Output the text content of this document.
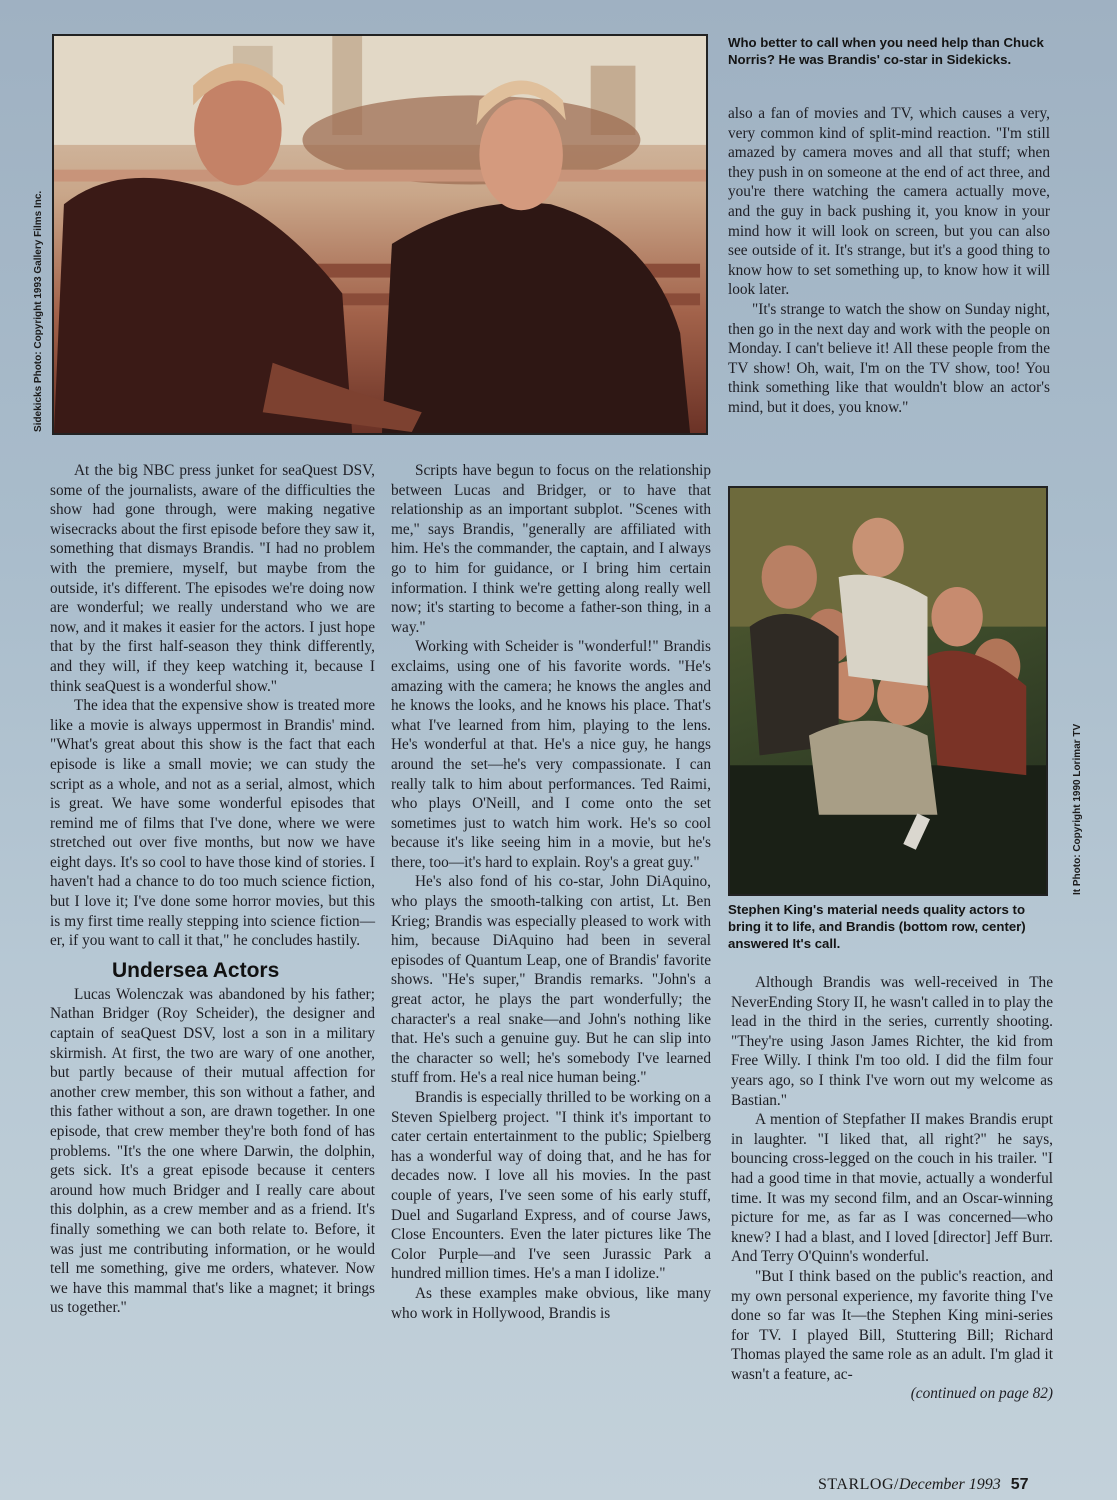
Sidekicks Photo: Copyright 1993 Gallery Films Inc.
Who better to call when you need help than Chuck Norris? He was Brandis' co-star in Sidekicks.

also a fan of movies and TV, which causes a very, very common kind of split-mind reaction. "I'm still amazed by camera moves and all that stuff; when they push in on someone at the end of act three, and you're there watching the camera actually move, and the guy in back pushing it, you know in your mind how it will look on screen, but you can also see outside of it. It's strange, but it's a good thing to know how to set something up, to know how it will look later.

"It's strange to watch the show on Sunday night, then go in the next day and work with the people on Monday. I can't believe it! All these people from the TV show! Oh, wait, I'm on the TV show, too! You think something like that wouldn't blow an actor's mind, but it does, you know."

It Photo: Copyright 1990 Lorimar TV
Stephen King's material needs quality actors to bring it to life, and Brandis (bottom row, center) answered It's call.

At the big NBC press junket for seaQuest DSV, some of the journalists, aware of the difficulties the show had gone through, were making negative wisecracks about the first episode before they saw it, something that dismays Brandis. "I had no problem with the premiere, myself, but maybe from the outside, it's different. The episodes we're doing now are wonderful; we really understand who we are now, and it makes it easier for the actors. I just hope that by the first half-season they think differently, and they will, if they keep watching it, because I think seaQuest is a wonderful show."

The idea that the expensive show is treated more like a movie is always uppermost in Brandis' mind. "What's great about this show is the fact that each episode is like a small movie; we can study the script as a whole, and not as a serial, almost, which is great. We have some wonderful episodes that remind me of films that I've done, where we were stretched out over five months, but now we have eight days. It's so cool to have those kind of stories. I haven't had a chance to do too much science fiction, but I love it; I've done some horror movies, but this is my first time really stepping into science fiction—er, if you want to call it that," he concludes hastily.

Undersea Actors

Lucas Wolenczak was abandoned by his father; Nathan Bridger (Roy Scheider), the designer and captain of seaQuest DSV, lost a son in a military skirmish. At first, the two are wary of one another, but partly because of their mutual affection for another crew member, this son without a father, and this father without a son, are drawn together. In one episode, that crew member they're both fond of has problems. "It's the one where Darwin, the dolphin, gets sick. It's a great episode because it centers around how much Bridger and I really care about this dolphin, as a crew member and as a friend. It's finally something we can both relate to. Before, it was just me contributing information, or he would tell me something, give me orders, whatever. Now we have this mammal that's like a magnet; it brings us together."

Scripts have begun to focus on the relationship between Lucas and Bridger, or to have that relationship as an important subplot. "Scenes with me," says Brandis, "generally are affiliated with him. He's the commander, the captain, and I always go to him for guidance, or I bring him certain information. I think we're getting along really well now; it's starting to become a father-son thing, in a way."

Working with Scheider is "wonderful!" Brandis exclaims, using one of his favorite words. "He's amazing with the camera; he knows the angles and he knows the looks, and he knows his place. That's what I've learned from him, playing to the lens. He's wonderful at that. He's a nice guy, he hangs around the set—he's very compassionate. I can really talk to him about performances. Ted Raimi, who plays O'Neill, and I come onto the set sometimes just to watch him work. He's so cool because it's like seeing him in a movie, but he's there, too—it's hard to explain. Roy's a great guy."

He's also fond of his co-star, John DiAquino, who plays the smooth-talking con artist, Lt. Ben Krieg; Brandis was especially pleased to work with him, because DiAquino had been in several episodes of Quantum Leap, one of Brandis' favorite shows. "He's super," Brandis remarks. "John's a great actor, he plays the part wonderfully; the character's a real snake—and John's nothing like that. He's such a genuine guy. But he can slip into the character so well; he's somebody I've learned stuff from. He's a real nice human being."

Brandis is especially thrilled to be working on a Steven Spielberg project. "I think it's important to cater certain entertainment to the public; Spielberg has a wonderful way of doing that, and he has for decades now. I love all his movies. In the past couple of years, I've seen some of his early stuff, Duel and Sugarland Express, and of course Jaws, Close Encounters. Even the later pictures like The Color Purple—and I've seen Jurassic Park a hundred million times. He's a man I idolize."

As these examples make obvious, like many who work in Hollywood, Brandis is

Although Brandis was well-received in The NeverEnding Story II, he wasn't called in to play the lead in the third in the series, currently shooting. "They're using Jason James Richter, the kid from Free Willy. I think I'm too old. I did the film four years ago, so I think I've worn out my welcome as Bastian."

A mention of Stepfather II makes Brandis erupt in laughter. "I liked that, all right?" he says, bouncing cross-legged on the couch in his trailer. "I had a good time in that movie, actually a wonderful time. It was my second film, and an Oscar-winning picture for me, as far as I was concerned—who knew? I had a blast, and I loved [director] Jeff Burr. And Terry O'Quinn's wonderful.

"But I think based on the public's reaction, and my own personal experience, my favorite thing I've done so far was It—the Stephen King mini-series for TV. I played Bill, Stuttering Bill; Richard Thomas played the same role as an adult. I'm glad it wasn't a feature, ac-

(continued on page 82)

STARLOG/December 1993 57
